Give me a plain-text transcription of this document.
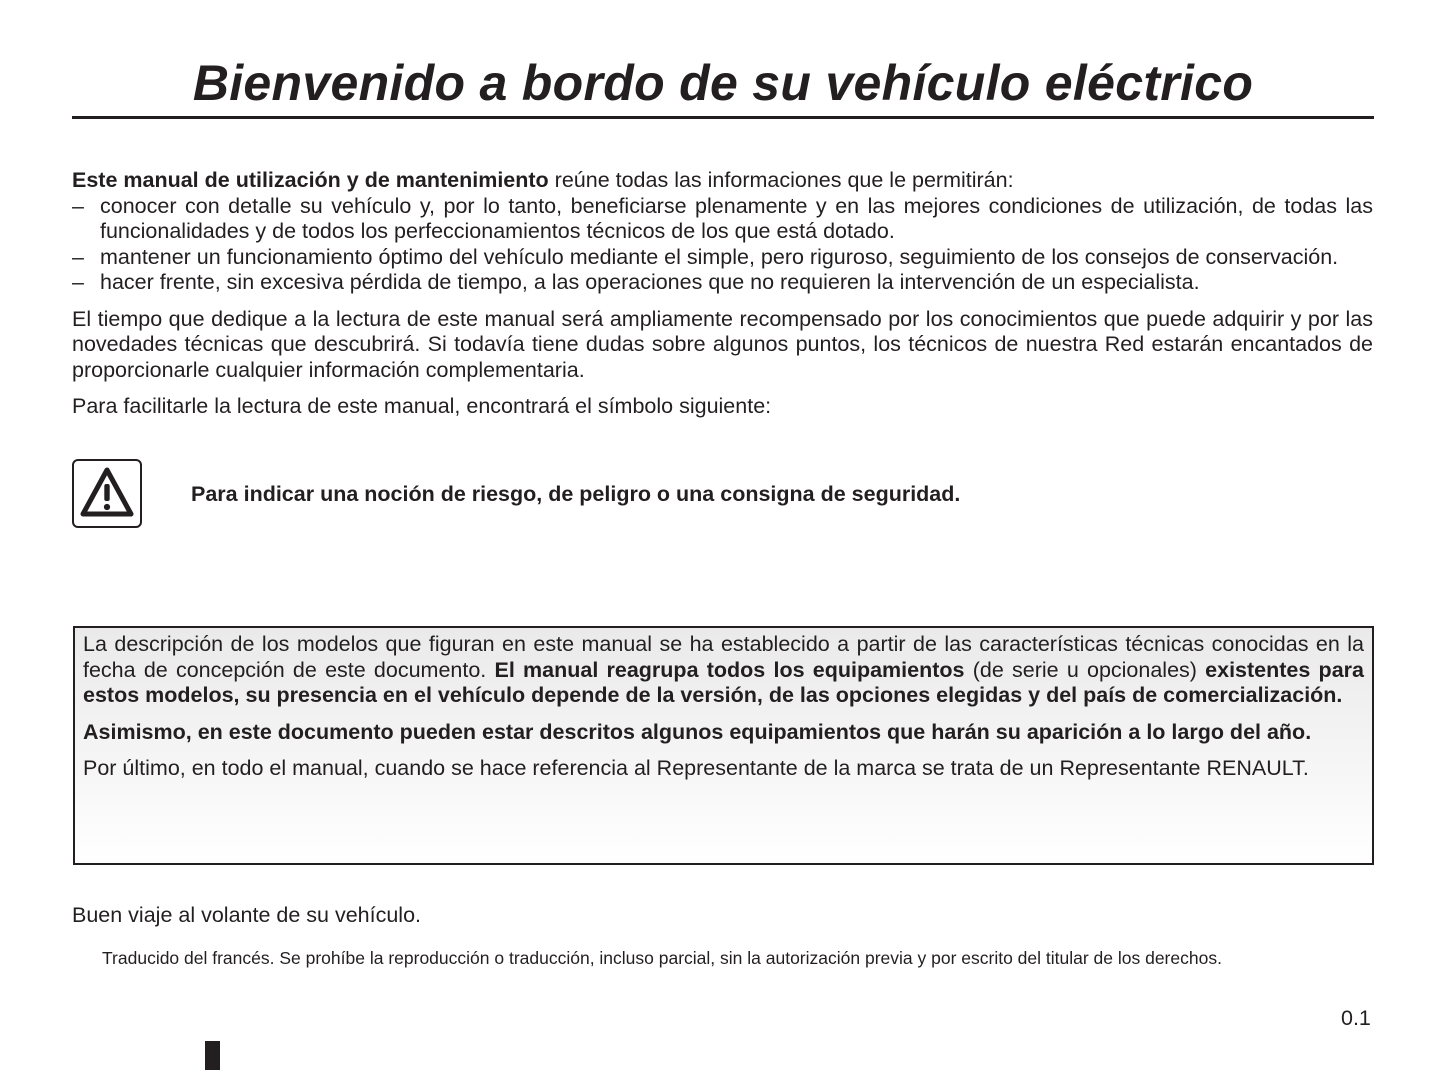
Bienvenido a bordo de su vehículo eléctrico

Este manual de utilización y de mantenimiento reúne todas las informaciones que le permitirán:

– conocer con detalle su vehículo y, por lo tanto, beneficiarse plenamente y en las mejores condiciones de utilización, de todas las funcionalidades y de todos los perfeccionamientos técnicos de los que está dotado.
– mantener un funcionamiento óptimo del vehículo mediante el simple, pero riguroso, seguimiento de los consejos de conservación.
– hacer frente, sin excesiva pérdida de tiempo, a las operaciones que no requieren la intervención de un especialista.

El tiempo que dedique a la lectura de este manual será ampliamente recompensado por los conocimientos que puede adquirir y por las novedades técnicas que descubrirá. Si todavía tiene dudas sobre algunos puntos, los técnicos de nuestra Red estarán encantados de proporcionarle cualquier información complementaria.

Para facilitarle la lectura de este manual, encontrará el símbolo siguiente:

Para indicar una noción de riesgo, de peligro o una consigna de seguridad.

La descripción de los modelos que figuran en este manual se ha establecido a partir de las características técnicas conocidas en la fecha de concepción de este documento. El manual reagrupa todos los equipamientos (de serie u opcionales) existentes para estos modelos, su presencia en el vehículo depende de la versión, de las opciones elegidas y del país de comercialización.

Asimismo, en este documento pueden estar descritos algunos equipamientos que harán su aparición a lo largo del año.

Por último, en todo el manual, cuando se hace referencia al Representante de la marca se trata de un Representante RENAULT.

Buen viaje al volante de su vehículo.
Traducido del francés. Se prohíbe la reproducción o traducción, incluso parcial, sin la autorización previa y por escrito del titular de los derechos.
0.1
